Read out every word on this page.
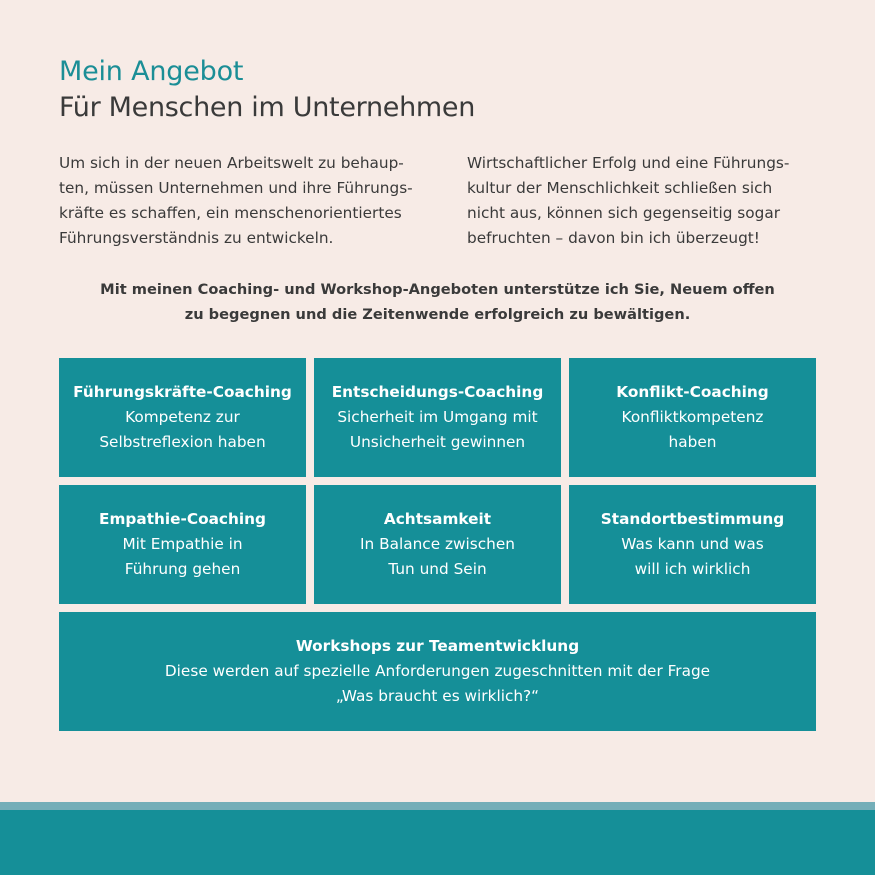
Mein Angebot
Für Menschen im Unternehmen
Um sich in der neuen Arbeitswelt zu behaup-
ten, müssen Unternehmen und ihre Führungs-
kräfte es schaffen, ein menschenorientiertes
Führungsverständnis zu entwickeln.
Wirtschaftlicher Erfolg und eine Führungs-
kultur der Menschlichkeit schließen sich
nicht aus, können sich gegenseitig sogar
befruchten – davon bin ich überzeugt!
Mit meinen Coaching- und Workshop-Angeboten unterstütze ich Sie, Neuem offen
zu begegnen und die Zeitenwende erfolgreich zu bewältigen.
Führungskräfte-Coaching
Kompetenz zur
Selbstreflexion haben
Entscheidungs-Coaching
Sicherheit im Umgang mit
Unsicherheit gewinnen
Konflikt-Coaching
Konfliktkompetenz
haben
Empathie-Coaching
Mit Empathie in
Führung gehen
Achtsamkeit
In Balance zwischen
Tun und Sein
Standortbestimmung
Was kann und was
will ich wirklich
Workshops zur Teamentwicklung
Diese werden auf spezielle Anforderungen zugeschnitten mit der Frage
„Was braucht es wirklich?“
